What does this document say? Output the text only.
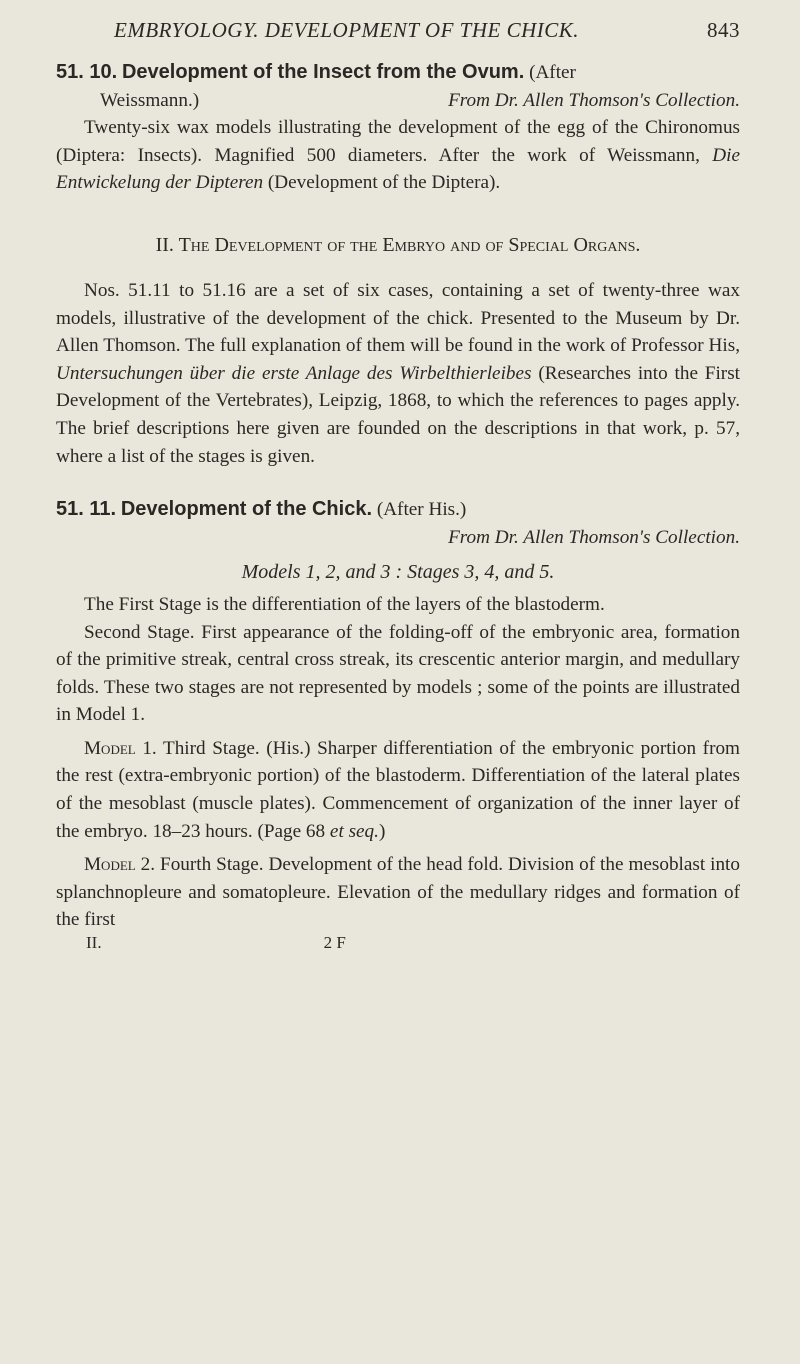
EMBRYOLOGY. DEVELOPMENT OF THE CHICK.	843

51. 10. Development of the Insect from the Ovum. (After

Weissmann.)	From Dr. Allen Thomson's Collection.

Twenty-six wax models illustrating the development of the egg of the Chironomus (Diptera: Insects). Magnified 500 diameters. After the work of Weissmann, Die Entwickelung der Dipteren (Development of the Diptera).

II. The Development of the Embryo and of Special Organs.

Nos. 51.11 to 51.16 are a set of six cases, containing a set of twenty-three wax models, illustrative of the development of the chick. Presented to the Museum by Dr. Allen Thomson. The full explanation of them will be found in the work of Professor His, Untersuchungen über die erste Anlage des Wirbelthierleibes (Researches into the First Development of the Vertebrates), Leipzig, 1868, to which the references to pages apply. The brief descriptions here given are founded on the descriptions in that work, p. 57, where a list of the stages is given.

51. 11. Development of the Chick. (After His.)

From Dr. Allen Thomson's Collection.

Models 1, 2, and 3 : Stages 3, 4, and 5.

The First Stage is the differentiation of the layers of the blastoderm.

Second Stage. First appearance of the folding-off of the embryonic area, formation of the primitive streak, central cross streak, its crescentic anterior margin, and medullary folds. These two stages are not represented by models ; some of the points are illustrated in Model 1.

Model 1. Third Stage. (His.) Sharper differentiation of the embryonic portion from the rest (extra-embryonic portion) of the blastoderm. Differentiation of the lateral plates of the mesoblast (muscle plates). Commencement of organization of the inner layer of the embryo. 18–23 hours. (Page 68 et seq.)

Model 2. Fourth Stage. Development of the head fold. Division of the mesoblast into splanchnopleure and somatopleure. Elevation of the medullary ridges and formation of the first

II.	2 F
